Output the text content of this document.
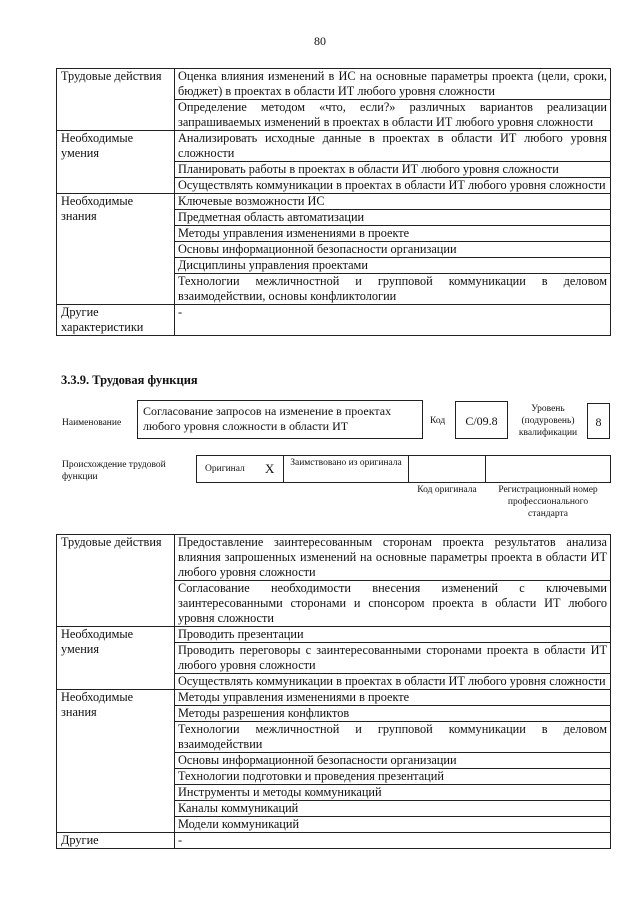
80
Трудовые действия	Оценка влияния изменений в ИС на основные параметры проекта (цели, сроки, бюджет) в проектах в области ИТ любого уровня сложности
	Определение методом «что, если?» различных вариантов реализации запрашиваемых изменений в проектах в области ИТ любого уровня сложности
Необходимые умения	Анализировать исходные данные в проектах в области ИТ любого уровня сложности
	Планировать работы в проектах в области ИТ любого уровня сложности
	Осуществлять коммуникации в проектах в области ИТ любого уровня сложности
Необходимые знания	Ключевые возможности ИС
	Предметная область автоматизации
	Методы управления изменениями в проекте
	Основы информационной безопасности организации
	Дисциплины управления проектами
	Технологии межличностной и групповой коммуникации в деловом взаимодействии, основы конфликтологии
Другие характеристики	-
3.3.9. Трудовая функция
Наименование
Согласование запросов на изменение в проектах любого уровня сложности в области ИТ	Код	С/09.8
Уровень (подуровень) квалификации
8
Происхождение трудовой функции
Оригинал X	Заимствовано из оригинала
Код оригинала	Регистрационный номер профессионального стандарта
Трудовые действия	Предоставление заинтересованным сторонам проекта результатов анализа влияния запрошенных изменений на основные параметры проекта в области ИТ любого уровня сложности
	Согласование необходимости внесения изменений с ключевыми заинтересованными сторонами и спонсором проекта в области ИТ любого уровня сложности
Необходимые умения	Проводить презентации
	Проводить переговоры с заинтересованными сторонами проекта в области ИТ любого уровня сложности
	Осуществлять коммуникации в проектах в области ИТ любого уровня сложности
Необходимые знания	Методы управления изменениями в проекте
	Методы разрешения конфликтов
	Технологии межличностной и групповой коммуникации в деловом взаимодействии
	Основы информационной безопасности организации
	Технологии подготовки и проведения презентаций
	Инструменты и методы коммуникаций
	Каналы коммуникаций
	Модели коммуникаций
Другие	-
